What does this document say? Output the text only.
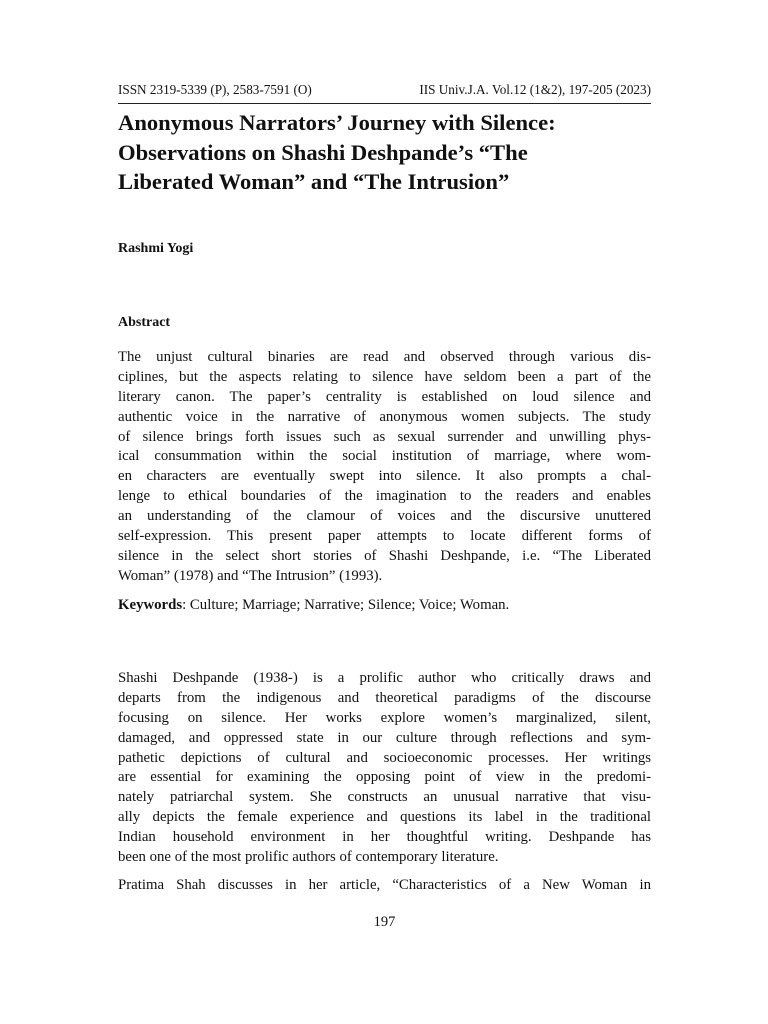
ISSN 2319-5339 (P), 2583-7591 (O)	IIS Univ.J.A. Vol.12 (1&2), 197-205 (2023)
Anonymous Narrators’ Journey with Silence:
Observations on Shashi Deshpande’s “The
Liberated Woman” and “The Intrusion”
Rashmi Yogi
Abstract
The unjust cultural binaries are read and observed through various dis-
ciplines, but the aspects relating to silence have seldom been a part of the
literary canon. The paper’s centrality is established on loud silence and
authentic voice in the narrative of anonymous women subjects. The study
of silence brings forth issues such as sexual surrender and unwilling phys-
ical consummation within the social institution of marriage, where wom-
en characters are eventually swept into silence. It also prompts a chal-
lenge to ethical boundaries of the imagination to the readers and enables
an understanding of the clamour of voices and the discursive unuttered
self-expression. This present paper attempts to locate different forms of
silence in the select short stories of Shashi Deshpande, i.e. “The Liberated
Woman” (1978) and “The Intrusion” (1993).
Keywords: Culture; Marriage; Narrative; Silence; Voice; Woman.
Shashi Deshpande (1938-) is a prolific author who critically draws and
departs from the indigenous and theoretical paradigms of the discourse
focusing on silence. Her works explore women’s marginalized, silent,
damaged, and oppressed state in our culture through reflections and sym-
pathetic depictions of cultural and socioeconomic processes. Her writings
are essential for examining the opposing point of view in the predomi-
nately patriarchal system. She constructs an unusual narrative that visu-
ally depicts the female experience and questions its label in the traditional
Indian household environment in her thoughtful writing. Deshpande has
been one of the most prolific authors of contemporary literature.
Pratima Shah discusses in her article, “Characteristics of a New Woman in
197
